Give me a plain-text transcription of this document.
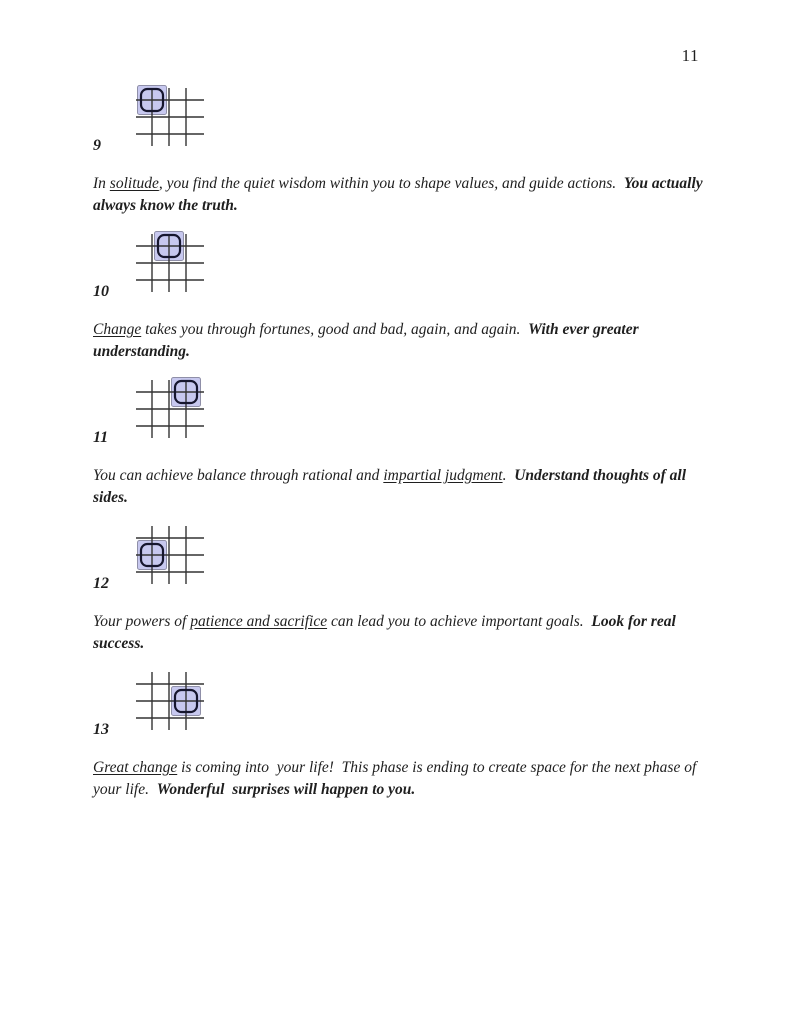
11
9

In solitude, you find the quiet wisdom within you to shape values, and guide actions.  You actually always know the truth.

10

Change takes you through fortunes, good and bad, again, and again.  With ever greater understanding.

11

You can achieve balance through rational and impartial judgment.  Understand thoughts of all sides.

12

Your powers of patience and sacrifice can lead you to achieve important goals.  Look for real success.

13

Great change is coming into  your life!  This phase is ending to create space for the next phase of your life.  Wonderful  surprises will happen to you.
